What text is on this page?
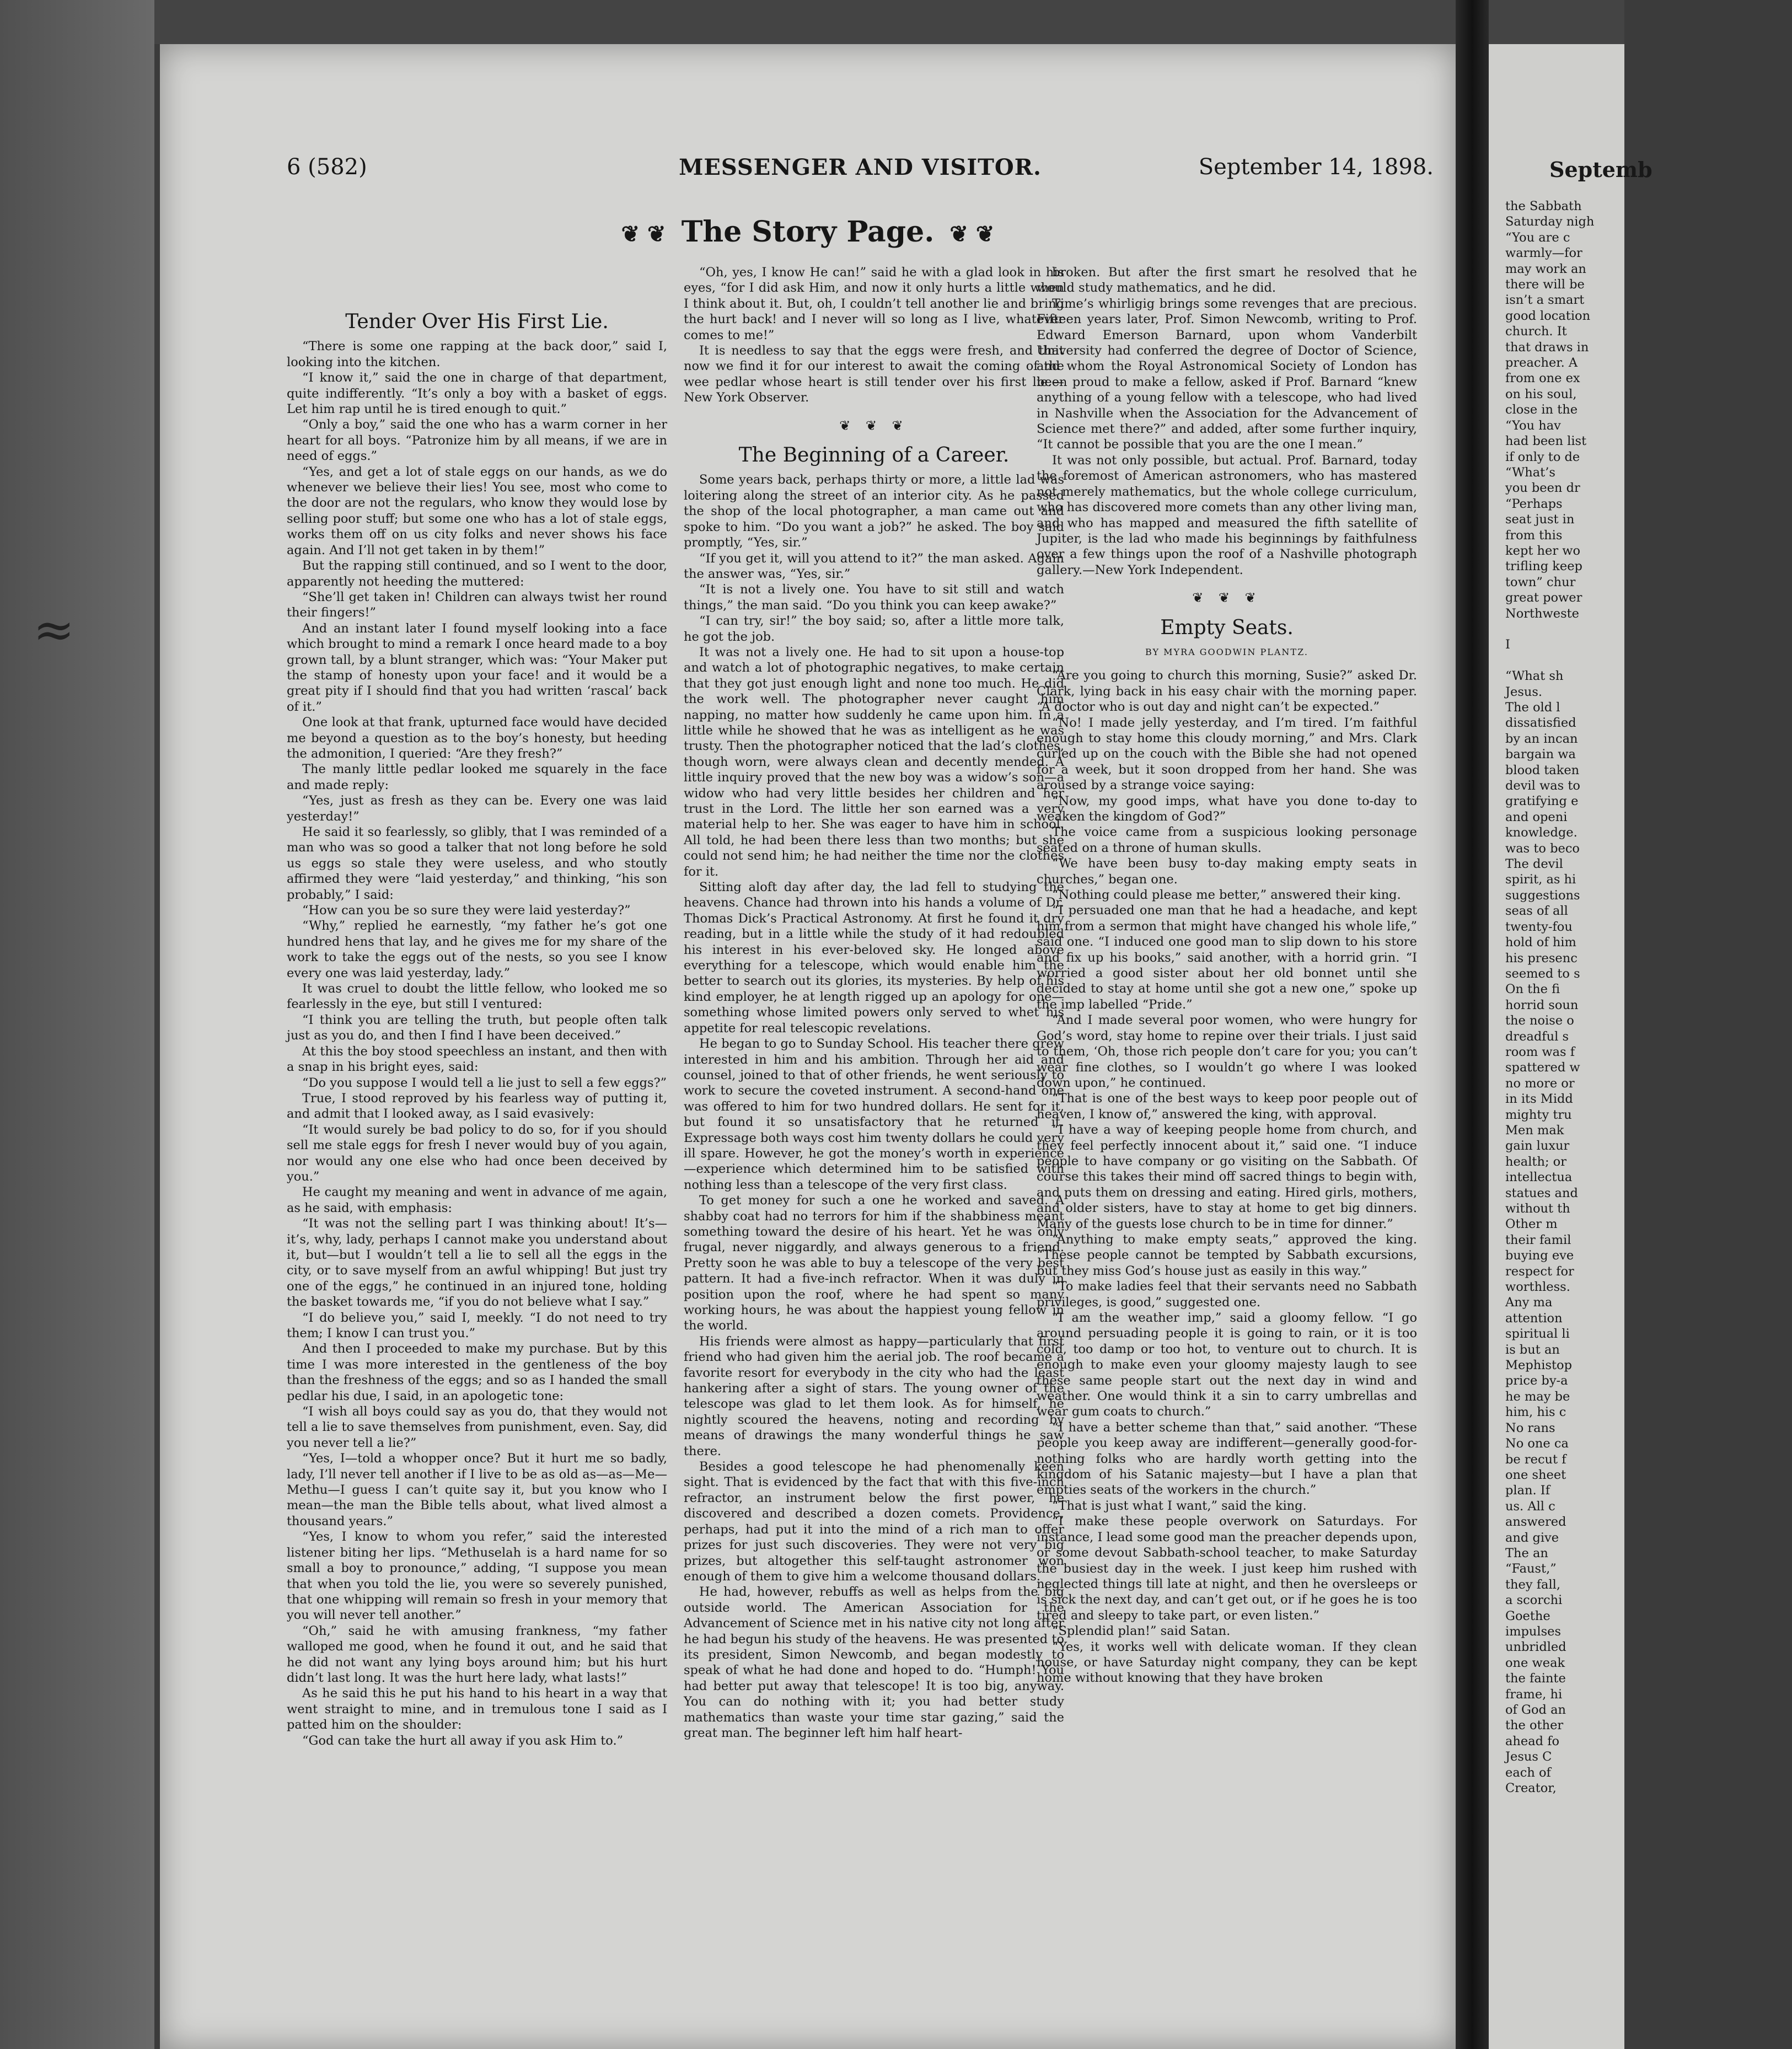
≈
6 (582)	MESSENGER AND VISITOR.	September 14, 1898.
❦ ❦ The Story Page. ❦ ❦
Tender Over His First Lie.

“There is some one rapping at the back door,” said I, looking into the kitchen.

“I know it,” said the one in charge of that department, quite indifferently. “It’s only a boy with a basket of eggs. Let him rap until he is tired enough to quit.”

“Only a boy,” said the one who has a warm corner in her heart for all boys. “Patronize him by all means, if we are in need of eggs.”

“Yes, and get a lot of stale eggs on our hands, as we do whenever we believe their lies! You see, most who come to the door are not the regulars, who know they would lose by selling poor stuff; but some one who has a lot of stale eggs, works them off on us city folks and never shows his face again. And I’ll not get taken in by them!”

But the rapping still continued, and so I went to the door, apparently not heeding the muttered:

“She’ll get taken in! Children can always twist her round their fingers!”

And an instant later I found myself looking into a face which brought to mind a remark I once heard made to a boy grown tall, by a blunt stranger, which was: “Your Maker put the stamp of honesty upon your face! and it would be a great pity if I should find that you had written ‘rascal’ back of it.”

One look at that frank, upturned face would have decided me beyond a question as to the boy’s honesty, but heeding the admonition, I queried: “Are they fresh?”

The manly little pedlar looked me squarely in the face and made reply:

“Yes, just as fresh as they can be. Every one was laid yesterday!”

He said it so fearlessly, so glibly, that I was reminded of a man who was so good a talker that not long before he sold us eggs so stale they were useless, and who stoutly affirmed they were “laid yesterday,” and thinking, “his son probably,” I said:

“How can you be so sure they were laid yesterday?”

“Why,” replied he earnestly, “my father he’s got one hundred hens that lay, and he gives me for my share of the work to take the eggs out of the nests, so you see I know every one was laid yesterday, lady.”

It was cruel to doubt the little fellow, who looked me so fearlessly in the eye, but still I ventured:

“I think you are telling the truth, but people often talk just as you do, and then I find I have been deceived.”

At this the boy stood speechless an instant, and then with a snap in his bright eyes, said:

“Do you suppose I would tell a lie just to sell a few eggs?”

True, I stood reproved by his fearless way of putting it, and admit that I looked away, as I said evasively:

“It would surely be bad policy to do so, for if you should sell me stale eggs for fresh I never would buy of you again, nor would any one else who had once been deceived by you.”

He caught my meaning and went in advance of me again, as he said, with emphasis:

“It was not the selling part I was thinking about! It’s—it’s, why, lady, perhaps I cannot make you understand about it, but—but I wouldn’t tell a lie to sell all the eggs in the city, or to save myself from an awful whipping! But just try one of the eggs,” he continued in an injured tone, holding the basket towards me, “if you do not believe what I say.”

“I do believe you,” said I, meekly. “I do not need to try them; I know I can trust you.”

And then I proceeded to make my purchase. But by this time I was more interested in the gentleness of the boy than the freshness of the eggs; and so as I handed the small pedlar his due, I said, in an apologetic tone:

“I wish all boys could say as you do, that they would not tell a lie to save themselves from punishment, even. Say, did you never tell a lie?”

“Yes, I—told a whopper once? But it hurt me so badly, lady, I’ll never tell another if I live to be as old as—as—Me—Methu—I guess I can’t quite say it, but you know who I mean—the man the Bible tells about, what lived almost a thousand years.”

“Yes, I know to whom you refer,” said the interested listener biting her lips. “Methuselah is a hard name for so small a boy to pronounce,” adding, “I suppose you mean that when you told the lie, you were so severely punished, that one whipping will remain so fresh in your memory that you will never tell another.”

“Oh,” said he with amusing frankness, “my father walloped me good, when he found it out, and he said that he did not want any lying boys around him; but his hurt didn’t last long. It was the hurt here lady, what lasts!”

As he said this he put his hand to his heart in a way that went straight to mine, and in tremulous tone I said as I patted him on the shoulder:

“God can take the hurt all away if you ask Him to.”

“Oh, yes, I know He can!” said he with a glad look in his eyes, “for I did ask Him, and now it only hurts a little when I think about it. But, oh, I couldn’t tell another lie and bring the hurt back! and I never will so long as I live, whatever comes to me!”

It is needless to say that the eggs were fresh, and that now we find it for our interest to await the coming of the wee pedlar whose heart is still tender over his first lie.—New York Observer.

❦ ❦ ❦
The Beginning of a Career.

Some years back, perhaps thirty or more, a little lad was loitering along the street of an interior city. As he passed the shop of the local photographer, a man came out and spoke to him. “Do you want a job?” he asked. The boy said promptly, “Yes, sir.”

“If you get it, will you attend to it?” the man asked. Again the answer was, “Yes, sir.”

“It is not a lively one. You have to sit still and watch things,” the man said. “Do you think you can keep awake?”

“I can try, sir!” the boy said; so, after a little more talk, he got the job.

It was not a lively one. He had to sit upon a house-top and watch a lot of photographic negatives, to make certain that they got just enough light and none too much. He did the work well. The photographer never caught him napping, no matter how suddenly he came upon him. In a little while he showed that he was as intelligent as he was trusty. Then the photographer noticed that the lad’s clothes, though worn, were always clean and decently mended. A little inquiry proved that the new boy was a widow’s son—a widow who had very little besides her children and her trust in the Lord. The little her son earned was a very material help to her. She was eager to have him in school. All told, he had been there less than two months; but she could not send him; he had neither the time nor the clothes for it.

Sitting aloft day after day, the lad fell to studying the heavens. Chance had thrown into his hands a volume of Dr. Thomas Dick’s Practical Astronomy. At first he found it dry reading, but in a little while the study of it had redoubled his interest in his ever-beloved sky. He longed above everything for a telescope, which would enable him the better to search out its glories, its mysteries. By help of his kind employer, he at length rigged up an apology for one—something whose limited powers only served to whet his appetite for real telescopic revelations.

He began to go to Sunday School. His teacher there grew interested in him and his ambition. Through her aid and counsel, joined to that of other friends, he went seriously to work to secure the coveted instrument. A second-hand one was offered to him for two hundred dollars. He sent for it, but found it so unsatisfactory that he returned it. Expressage both ways cost him twenty dollars he could very ill spare. However, he got the money’s worth in experience—experience which determined him to be satisfied with nothing less than a telescope of the very first class.

To get money for such a one he worked and saved. A shabby coat had no terrors for him if the shabbiness meant something toward the desire of his heart. Yet he was only frugal, never niggardly, and always generous to a friend. Pretty soon he was able to buy a telescope of the very best pattern. It had a five-inch refractor. When it was duly in position upon the roof, where he had spent so many working hours, he was about the happiest young fellow in the world.

His friends were almost as happy—particularly that first friend who had given him the aerial job. The roof became a favorite resort for everybody in the city who had the least hankering after a sight of stars. The young owner of the telescope was glad to let them look. As for himself, he nightly scoured the heavens, noting and recording by means of drawings the many wonderful things he saw there.

Besides a good telescope he had phenomenally keen sight. That is evidenced by the fact that with this five-inch refractor, an instrument below the first power, he discovered and described a dozen comets. Providence, perhaps, had put it into the mind of a rich man to offer prizes for just such discoveries. They were not very big prizes, but altogether this self-taught astronomer won enough of them to give him a welcome thousand dollars.

He had, however, rebuffs as well as helps from the big outside world. The American Association for the Advancement of Science met in his native city not long after he had begun his study of the heavens. He was presented to its president, Simon Newcomb, and began modestly to speak of what he had done and hoped to do. “Humph! You had better put away that telescope! It is too big, anyway. You can do nothing with it; you had better study mathematics than waste your time star gazing,” said the great man. The beginner left him half heart-

broken. But after the first smart he resolved that he would study mathematics, and he did.

Time’s whirligig brings some revenges that are precious. Fifteen years later, Prof. Simon Newcomb, writing to Prof. Edward Emerson Barnard, upon whom Vanderbilt University had conferred the degree of Doctor of Science, and whom the Royal Astronomical Society of London has been proud to make a fellow, asked if Prof. Barnard “knew anything of a young fellow with a telescope, who had lived in Nashville when the Association for the Advancement of Science met there?” and added, after some further inquiry, “It cannot be possible that you are the one I mean.”

It was not only possible, but actual. Prof. Barnard, today the foremost of American astronomers, who has mastered not merely mathematics, but the whole college curriculum, who has discovered more comets than any other living man, and who has mapped and measured the fifth satellite of Jupiter, is the lad who made his beginnings by faithfulness over a few things upon the roof of a Nashville photograph gallery.—New York Independent.

❦ ❦ ❦
Empty Seats.
BY MYRA GOODWIN PLANTZ.

“Are you going to church this morning, Susie?” asked Dr. Clark, lying back in his easy chair with the morning paper. “A doctor who is out day and night can’t be expected.”

“No! I made jelly yesterday, and I’m tired. I’m faithful enough to stay home this cloudy morning,” and Mrs. Clark curled up on the couch with the Bible she had not opened for a week, but it soon dropped from her hand. She was aroused by a strange voice saying:

“Now, my good imps, what have you done to-day to weaken the kingdom of God?”

The voice came from a suspicious looking personage seated on a throne of human skulls.

“We have been busy to-day making empty seats in churches,” began one.

“Nothing could please me better,” answered their king.

“I persuaded one man that he had a headache, and kept him from a sermon that might have changed his whole life,” said one. “I induced one good man to slip down to his store and fix up his books,” said another, with a horrid grin. “I worried a good sister about her old bonnet until she decided to stay at home until she got a new one,” spoke up the imp labelled “Pride.”

“And I made several poor women, who were hungry for God’s word, stay home to repine over their trials. I just said to them, ‘Oh, those rich people don’t care for you; you can’t wear fine clothes, so I wouldn’t go where I was looked down upon,” he continued.

“That is one of the best ways to keep poor people out of heaven, I know of,” answered the king, with approval.

“I have a way of keeping people home from church, and they feel perfectly innocent about it,” said one. “I induce people to have company or go visiting on the Sabbath. Of course this takes their mind off sacred things to begin with, and puts them on dressing and eating. Hired girls, mothers, and older sisters, have to stay at home to get big dinners. Many of the guests lose church to be in time for dinner.”

“Anything to make empty seats,” approved the king. “These people cannot be tempted by Sabbath excursions, but they miss God’s house just as easily in this way.”

“To make ladies feel that their servants need no Sabbath privileges, is good,” suggested one.

“I am the weather imp,” said a gloomy fellow. “I go around persuading people it is going to rain, or it is too cold, too damp or too hot, to venture out to church. It is enough to make even your gloomy majesty laugh to see these same people start out the next day in wind and weather. One would think it a sin to carry umbrellas and wear gum coats to church.”

“I have a better scheme than that,” said another. “These people you keep away are indifferent—generally good-for-nothing folks who are hardly worth getting into the kingdom of his Satanic majesty—but I have a plan that empties seats of the workers in the church.”

“That is just what I want,” said the king.

“I make these people overwork on Saturdays. For instance, I lead some good man the preacher depends upon, or some devout Sabbath-school teacher, to make Saturday the busiest day in the week. I just keep him rushed with neglected things till late at night, and then he oversleeps or is sick the next day, and can’t get out, or if he goes he is too tired and sleepy to take part, or even listen.”

“Splendid plan!” said Satan.

“Yes, it works well with delicate woman. If they clean house, or have Saturday night company, they can be kept home without knowing that they have broken

Septemb
the Sabbath
Saturday nigh
“You are c
warmly—for
may work an
there will be
isn’t a smart
good location
church. It
that draws in
preacher. A
from one ex
on his soul,
close in the
“You hav
had been list
if only to de
“What’s
you been dr
“Perhaps
seat just in
from this
kept her wo
trifling keep
town” chur
great power
Northweste

I

“What sh
Jesus.
The old l
dissatisfied
by an incan
bargain wa
blood taken
devil was to
gratifying e
and openi
knowledge.
was to beco
The devil
spirit, as hi
suggestions
seas of all
twenty-fou
hold of him
his presenc
seemed to s
On the fi
horrid soun
the noise o
dreadful s
room was f
spattered w
no more or
in its Midd
mighty tru
Men mak
gain luxur
health; or
intellectua
statues and
without th
Other m
their famil
buying eve
respect for
worthless.
Any ma
attention
spiritual li
is but an
Mephistop
price by-a
he may be
him, his c
No rans
No one ca
be recut f
one sheet
plan. If
us. All c
answered
and give
The an
“Faust,”
they fall,
a scorchi
Goethe
impulses
unbridled
one weak
the fainte
frame, hi
of God an
the other
ahead fo
Jesus C
each of
Creator,
